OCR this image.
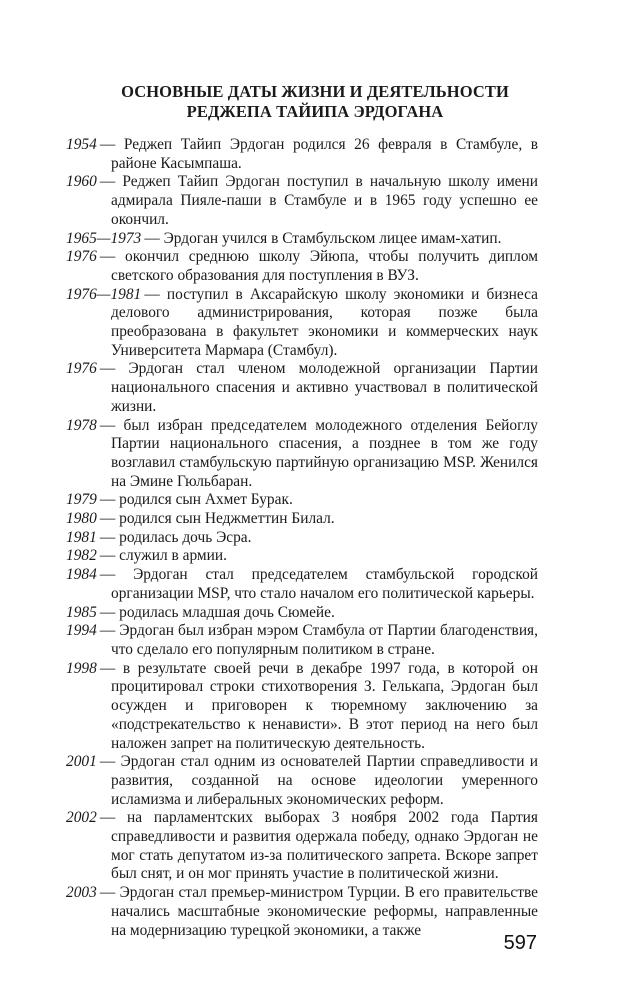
ОСНОВНЫЕ ДАТЫ ЖИЗНИ И ДЕЯТЕЛЬНОСТИ
РЕДЖЕПА ТАЙИПА ЭРДОГАНА
1954  — Реджеп Тайип Эрдоган родился 26 февраля в Стамбуле, в районе Касымпаша.
1960  — Реджеп Тайип Эрдоган поступил в начальную школу имени адмирала Пияле-паши в Стамбуле и в 1965 году успешно ее окончил.
1965—1973  — Эрдоган учился в Стамбульском лицее имам-хатип.
1976  — окончил среднюю школу Эйюпа, чтобы получить диплом светского образования для поступления в ВУЗ.
1976—1981  — поступил в Аксарайскую школу экономики и бизнеса делового администрирования, которая позже была преобразована в факультет экономики и коммерческих наук Университета Мармара (Стамбул).
1976  — Эрдоган стал членом молодежной организации Партии национального спасения и активно участвовал в политической жизни.
1978  — был избран председателем молодежного отделения Бейоглу Партии национального спасения, а позднее в том же году возглавил стамбульскую партийную организацию MSP. Женился на Эмине Гюльбаран.
1979  — родился сын Ахмет Бурак.
1980  — родился сын Неджметтин Билал.
1981  — родилась дочь Эсра.
1982  — служил в армии.
1984  — Эрдоган стал председателем стамбульской городской организации MSP, что стало началом его политической карьеры.
1985  — родилась младшая дочь Сюмейе.
1994  — Эрдоган был избран мэром Стамбула от Партии благоденствия, что сделало его популярным политиком в стране.
1998  — в результате своей речи в декабре 1997 года, в которой он процитировал строки стихотворения З. Гелькапа, Эрдоган был осужден и приговорен к тюремному заключению за «подстрекательство к ненависти». В этот период на него был наложен запрет на политическую деятельность.
2001  — Эрдоган стал одним из основателей Партии справедливости и развития, созданной на основе идеологии умеренного исламизма и либеральных экономических реформ.
2002  — на парламентских выборах 3 ноября 2002 года Партия справедливости и развития одержала победу, однако Эрдоган не мог стать депутатом из-за политического запрета. Вскоре запрет был снят, и он мог принять участие в политической жизни.
2003  — Эрдоган стал премьер-министром Турции. В его правительстве начались масштабные экономические реформы, направленные на модернизацию турецкой экономики, а также
597
